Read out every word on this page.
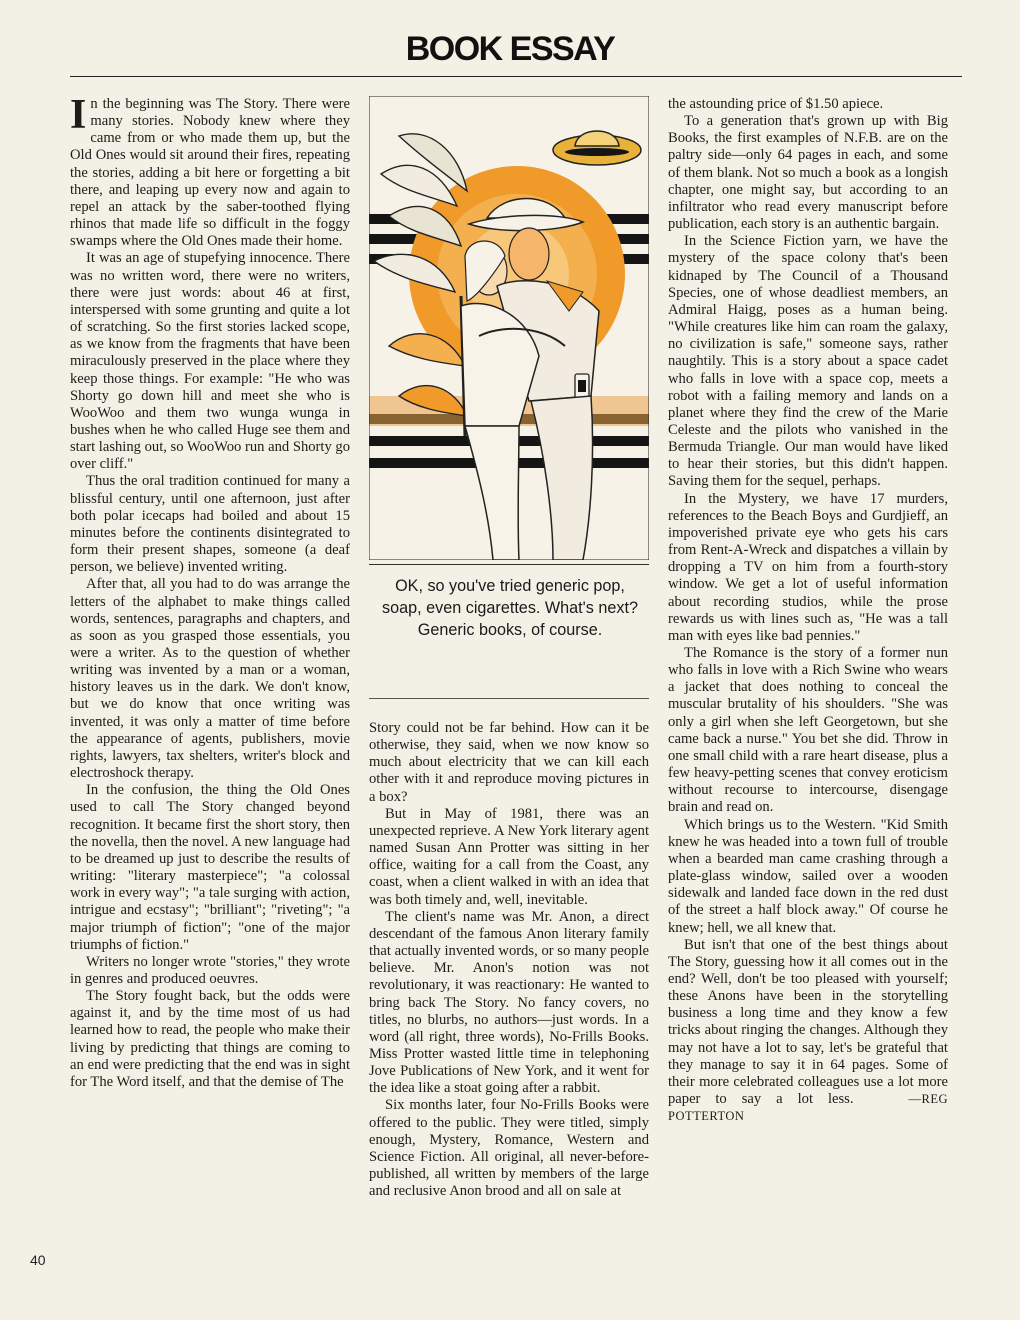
BOOK ESSAY

In the beginning was The Story. There were many stories. Nobody knew where they came from or who made them up, but the Old Ones would sit around their fires, repeating the stories, adding a bit here or forgetting a bit there, and leaping up every now and again to repel an attack by the saber-toothed flying rhinos that made life so difficult in the foggy swamps where the Old Ones made their home.

It was an age of stupefying innocence. There was no written word, there were no writers, there were just words: about 46 at first, interspersed with some grunting and quite a lot of scratching. So the first stories lacked scope, as we know from the fragments that have been miraculously preserved in the place where they keep those things. For example: "He who was Shorty go down hill and meet she who is WooWoo and them two wunga wunga in bushes when he who called Huge see them and start lashing out, so WooWoo run and Shorty go over cliff."

Thus the oral tradition continued for many a blissful century, until one afternoon, just after both polar icecaps had boiled and about 15 minutes before the continents disintegrated to form their present shapes, someone (a deaf person, we believe) invented writing.

After that, all you had to do was arrange the letters of the alphabet to make things called words, sentences, paragraphs and chapters, and as soon as you grasped those essentials, you were a writer. As to the question of whether writing was invented by a man or a woman, history leaves us in the dark. We don't know, but we do know that once writing was invented, it was only a matter of time before the appearance of agents, publishers, movie rights, lawyers, tax shelters, writer's block and electroshock therapy.

In the confusion, the thing the Old Ones used to call The Story changed beyond recognition. It became first the short story, then the novella, then the novel. A new language had to be dreamed up just to describe the results of writing: "literary masterpiece"; "a colossal work in every way"; "a tale surging with action, intrigue and ecstasy"; "brilliant"; "riveting"; "a major triumph of fiction"; "one of the major triumphs of fiction."

Writers no longer wrote "stories," they wrote in genres and produced oeuvres.

The Story fought back, but the odds were against it, and by the time most of us had learned how to read, the people who make their living by predicting that things are coming to an end were predicting that the end was in sight for The Word itself, and that the demise of The

OK, so you've tried generic pop, soap, even cigarettes. What's next? Generic books, of course.

Story could not be far behind. How can it be otherwise, they said, when we now know so much about electricity that we can kill each other with it and reproduce moving pictures in a box?

But in May of 1981, there was an unexpected reprieve. A New York literary agent named Susan Ann Protter was sitting in her office, waiting for a call from the Coast, any coast, when a client walked in with an idea that was both timely and, well, inevitable.

The client's name was Mr. Anon, a direct descendant of the famous Anon literary family that actually invented words, or so many people believe. Mr. Anon's notion was not revolutionary, it was reactionary: He wanted to bring back The Story. No fancy covers, no titles, no blurbs, no authors—just words. In a word (all right, three words), No-Frills Books. Miss Protter wasted little time in telephoning Jove Publications of New York, and it went for the idea like a stoat going after a rabbit.

Six months later, four No-Frills Books were offered to the public. They were titled, simply enough, Mystery, Romance, Western and Science Fiction. All original, all never-before-published, all written by members of the large and reclusive Anon brood and all on sale at

the astounding price of $1.50 apiece.

To a generation that's grown up with Big Books, the first examples of N.F.B. are on the paltry side—only 64 pages in each, and some of them blank. Not so much a book as a longish chapter, one might say, but according to an infiltrator who read every manuscript before publication, each story is an authentic bargain.

In the Science Fiction yarn, we have the mystery of the space colony that's been kidnaped by The Council of a Thousand Species, one of whose deadliest members, an Admiral Haigg, poses as a human being. "While creatures like him can roam the galaxy, no civilization is safe," someone says, rather naughtily. This is a story about a space cadet who falls in love with a space cop, meets a robot with a failing memory and lands on a planet where they find the crew of the Marie Celeste and the pilots who vanished in the Bermuda Triangle. Our man would have liked to hear their stories, but this didn't happen. Saving them for the sequel, perhaps.

In the Mystery, we have 17 murders, references to the Beach Boys and Gurdjieff, an impoverished private eye who gets his cars from Rent-A-Wreck and dispatches a villain by dropping a TV on him from a fourth-story window. We get a lot of useful information about recording studios, while the prose rewards us with lines such as, "He was a tall man with eyes like bad pennies."

The Romance is the story of a former nun who falls in love with a Rich Swine who wears a jacket that does nothing to conceal the muscular brutality of his shoulders. "She was only a girl when she left Georgetown, but she came back a nurse." You bet she did. Throw in one small child with a rare heart disease, plus a few heavy-petting scenes that convey eroticism without recourse to intercourse, disengage brain and read on.

Which brings us to the Western. "Kid Smith knew he was headed into a town full of trouble when a bearded man came crashing through a plate-glass window, sailed over a wooden sidewalk and landed face down in the red dust of the street a half block away." Of course he knew; hell, we all knew that.

But isn't that one of the best things about The Story, guessing how it all comes out in the end? Well, don't be too pleased with yourself; these Anons have been in the storytelling business a long time and they know a few tricks about ringing the changes. Although they may not have a lot to say, let's be grateful that they manage to say it in 64 pages. Some of their more celebrated colleagues use a lot more paper to say a lot less.	—REG POTTERTON

40
